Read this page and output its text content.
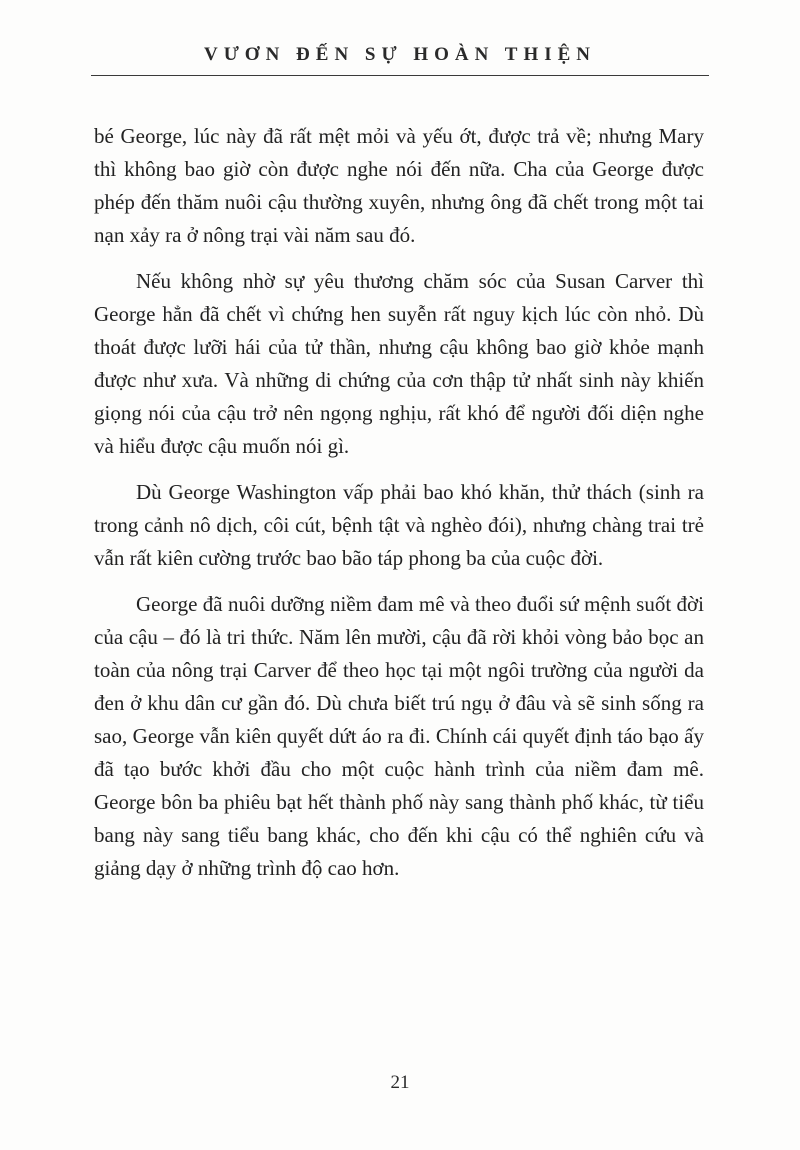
VƯƠN ĐẾN SỰ HOÀN THIỆN

bé George, lúc này đã rất mệt mỏi và yếu ớt, được trả về; nhưng Mary thì không bao giờ còn được nghe nói đến nữa. Cha của George được phép đến thăm nuôi cậu thường xuyên, nhưng ông đã chết trong một tai nạn xảy ra ở nông trại vài năm sau đó.

Nếu không nhờ sự yêu thương chăm sóc của Susan Carver thì George hẳn đã chết vì chứng hen suyễn rất nguy kịch lúc còn nhỏ. Dù thoát được lưỡi hái của tử thần, nhưng cậu không bao giờ khỏe mạnh được như xưa. Và những di chứng của cơn thập tử nhất sinh này khiến giọng nói của cậu trở nên ngọng nghịu, rất khó để người đối diện nghe và hiểu được cậu muốn nói gì.

Dù George Washington vấp phải bao khó khăn, thử thách (sinh ra trong cảnh nô dịch, côi cút, bệnh tật và nghèo đói), nhưng chàng trai trẻ vẫn rất kiên cường trước bao bão táp phong ba của cuộc đời.

George đã nuôi dưỡng niềm đam mê và theo đuổi sứ mệnh suốt đời của cậu – đó là tri thức. Năm lên mười, cậu đã rời khỏi vòng bảo bọc an toàn của nông trại Carver để theo học tại một ngôi trường của người da đen ở khu dân cư gần đó. Dù chưa biết trú ngụ ở đâu và sẽ sinh sống ra sao, George vẫn kiên quyết dứt áo ra đi. Chính cái quyết định táo bạo ấy đã tạo bước khởi đầu cho một cuộc hành trình của niềm đam mê. George bôn ba phiêu bạt hết thành phố này sang thành phố khác, từ tiểu bang này sang tiểu bang khác, cho đến khi cậu có thể nghiên cứu và giảng dạy ở những trình độ cao hơn.

21
